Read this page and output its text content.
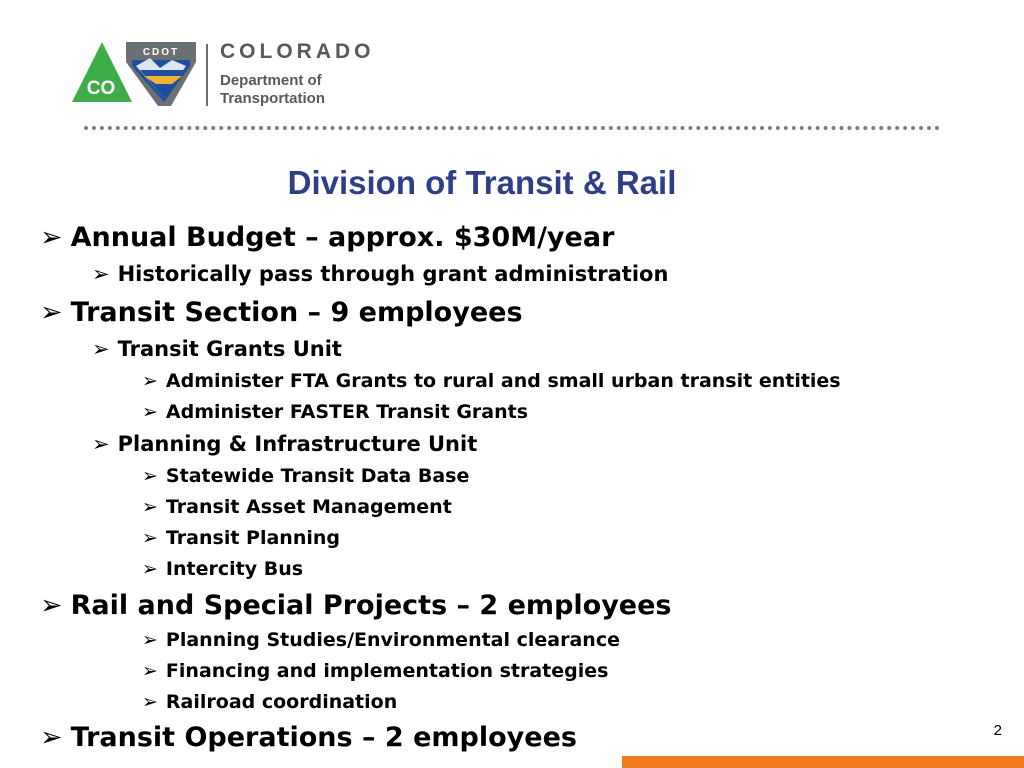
CO
CDOT COLORADO
Department of
Transportation
Division of Transit & Rail
➢ Annual Budget – approx. $30M/year
➢ Historically pass through grant administration
➢ Transit Section – 9 employees
➢ Transit Grants Unit
➢ Administer FTA Grants to rural and small urban transit entities
➢ Administer FASTER Transit Grants
➢ Planning & Infrastructure Unit
➢ Statewide Transit Data Base
➢ Transit Asset Management
➢ Transit Planning
➢ Intercity Bus
➢ Rail and Special Projects – 2 employees
➢ Planning Studies/Environmental clearance
➢ Financing and implementation strategies
➢ Railroad coordination
➢ Transit Operations – 2 employees	2
